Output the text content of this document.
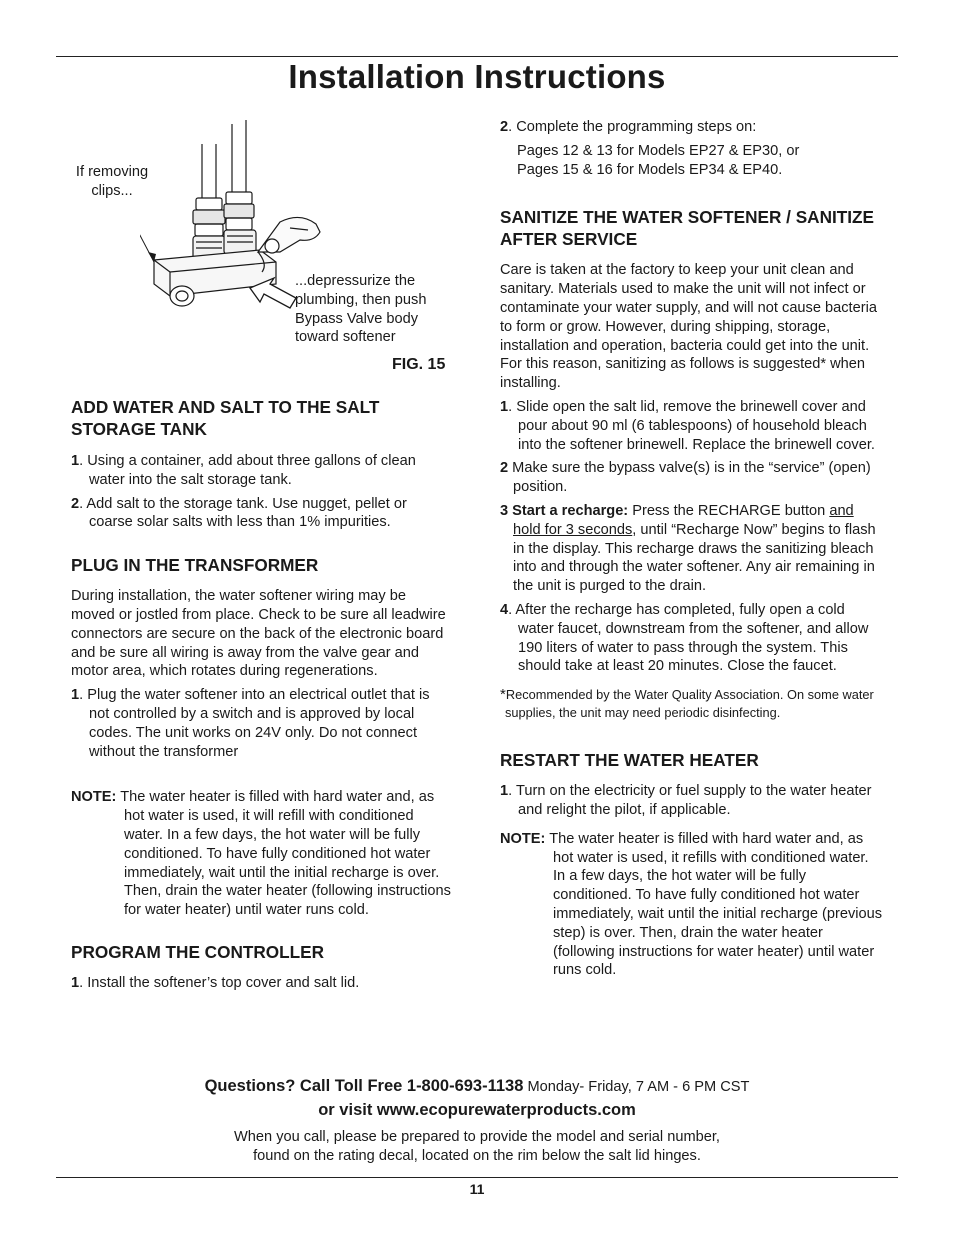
Installation Instructions
If removing clips...
...depressurize the plumbing, then push Bypass Valve body toward softener
FIG. 15
ADD WATER AND SALT TO THE SALT STORAGE TANK

1. Using a container, add about three gallons of clean water into the salt storage tank.

2. Add salt to the storage tank. Use nugget, pellet or coarse solar salts with less than 1% impurities.

PLUG IN THE TRANSFORMER

During installation, the water softener wiring may be moved or jostled from place. Check to be sure all leadwire connectors are secure on the back of the electronic board and be sure all wiring is away from the valve gear and motor area, which rotates during regenerations.

1. Plug the water softener into an electrical outlet that is not controlled by a switch and is approved by local codes. The unit works on 24V only. Do not connect without the transformer

NOTE: The water heater is filled with hard water and, as hot water is used, it will refill with conditioned water. In a few days, the hot water will be fully conditioned. To have fully conditioned hot water immediately, wait until the initial recharge is over. Then, drain the water heater (following instructions for water heater) until water runs cold.

PROGRAM THE CONTROLLER

1. Install the softener’s top cover and salt lid.

2. Complete the programming steps on:

Pages 12 & 13 for Models EP27 & EP30, or

Pages 15 & 16 for Models EP34 & EP40.

SANITIZE THE WATER SOFTENER / SANITIZE AFTER SERVICE

Care is taken at the factory to keep your unit clean and sanitary. Materials used to make the unit will not infect or contaminate your water supply, and will not cause bacteria to form or grow. However, during shipping, storage, installation and operation, bacteria could get into the unit. For this reason, sanitizing as follows is suggested* when installing.

1. Slide open the salt lid, remove the brinewell cover and pour about 90 ml (6 tablespoons) of household bleach into the softener brinewell. Replace the brinewell cover.

2 Make sure the bypass valve(s) is in the “service” (open) position.

3 Start a recharge: Press the RECHARGE button and hold for 3 seconds, until “Recharge Now” begins to flash in the display. This recharge draws the sanitizing bleach into and through the water softener. Any air remaining in the unit is purged to the drain.

4. After the recharge has completed, fully open a cold water faucet, downstream from the softener, and allow 190 liters of water to pass through the system. This should take at least 20 minutes. Close the faucet.

*Recommended by the Water Quality Association. On some water supplies, the unit may need periodic disinfecting.

RESTART THE WATER HEATER

1. Turn on the electricity or fuel supply to the water heater and relight the pilot, if applicable.

NOTE: The water heater is filled with hard water and, as hot water is used, it refills with conditioned water. In a few days, the hot water will be fully conditioned. To have fully conditioned hot water immediately, wait until the initial recharge (previous step) is over. Then, drain the water heater (following instructions for water heater) until water runs cold.

Questions? Call Toll Free 1-800-693-1138 Monday- Friday, 7 AM - 6 PM CST
or visit www.ecopurewaterproducts.com
When you call, please be prepared to provide the model and serial number,
found on the rating decal, located on the rim below the salt lid hinges.
11
